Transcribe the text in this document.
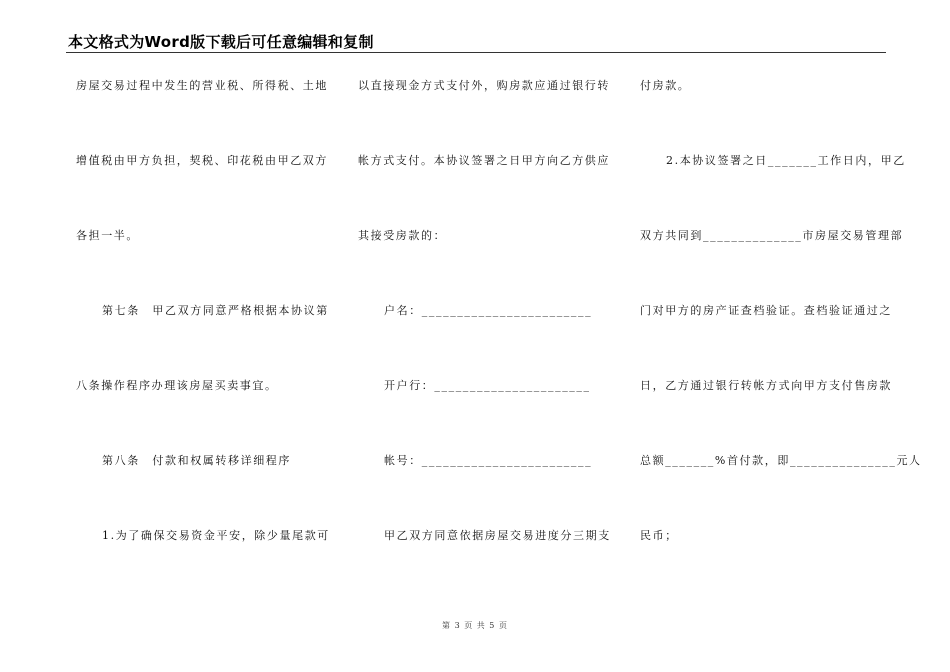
本文格式为Word版下载后可任意编辑和复制
房屋交易过程中发生的营业税、所得税、土地
增值税由甲方负担，契税、印花税由甲乙双方
各担一半。
第七条　甲乙双方同意严格根据本协议第
八条操作程序办理该房屋买卖事宜。
第八条　付款和权属转移详细程序
1.为了确保交易资金平安，除少量尾款可
以直接现金方式支付外，购房款应通过银行转
帐方式支付。本协议签署之日甲方向乙方供应
其接受房款的：
户名：________________________
开户行：______________________
帐号：________________________
甲乙双方同意依据房屋交易进度分三期支
付房款。
2.本协议签署之日_______工作日内，甲乙
双方共同到______________市房屋交易管理部
门对甲方的房产证查档验证。查档验证通过之
日，乙方通过银行转帐方式向甲方支付售房款
总额_______%首付款，即_______________元人
民币；
第 3 页 共 5 页
